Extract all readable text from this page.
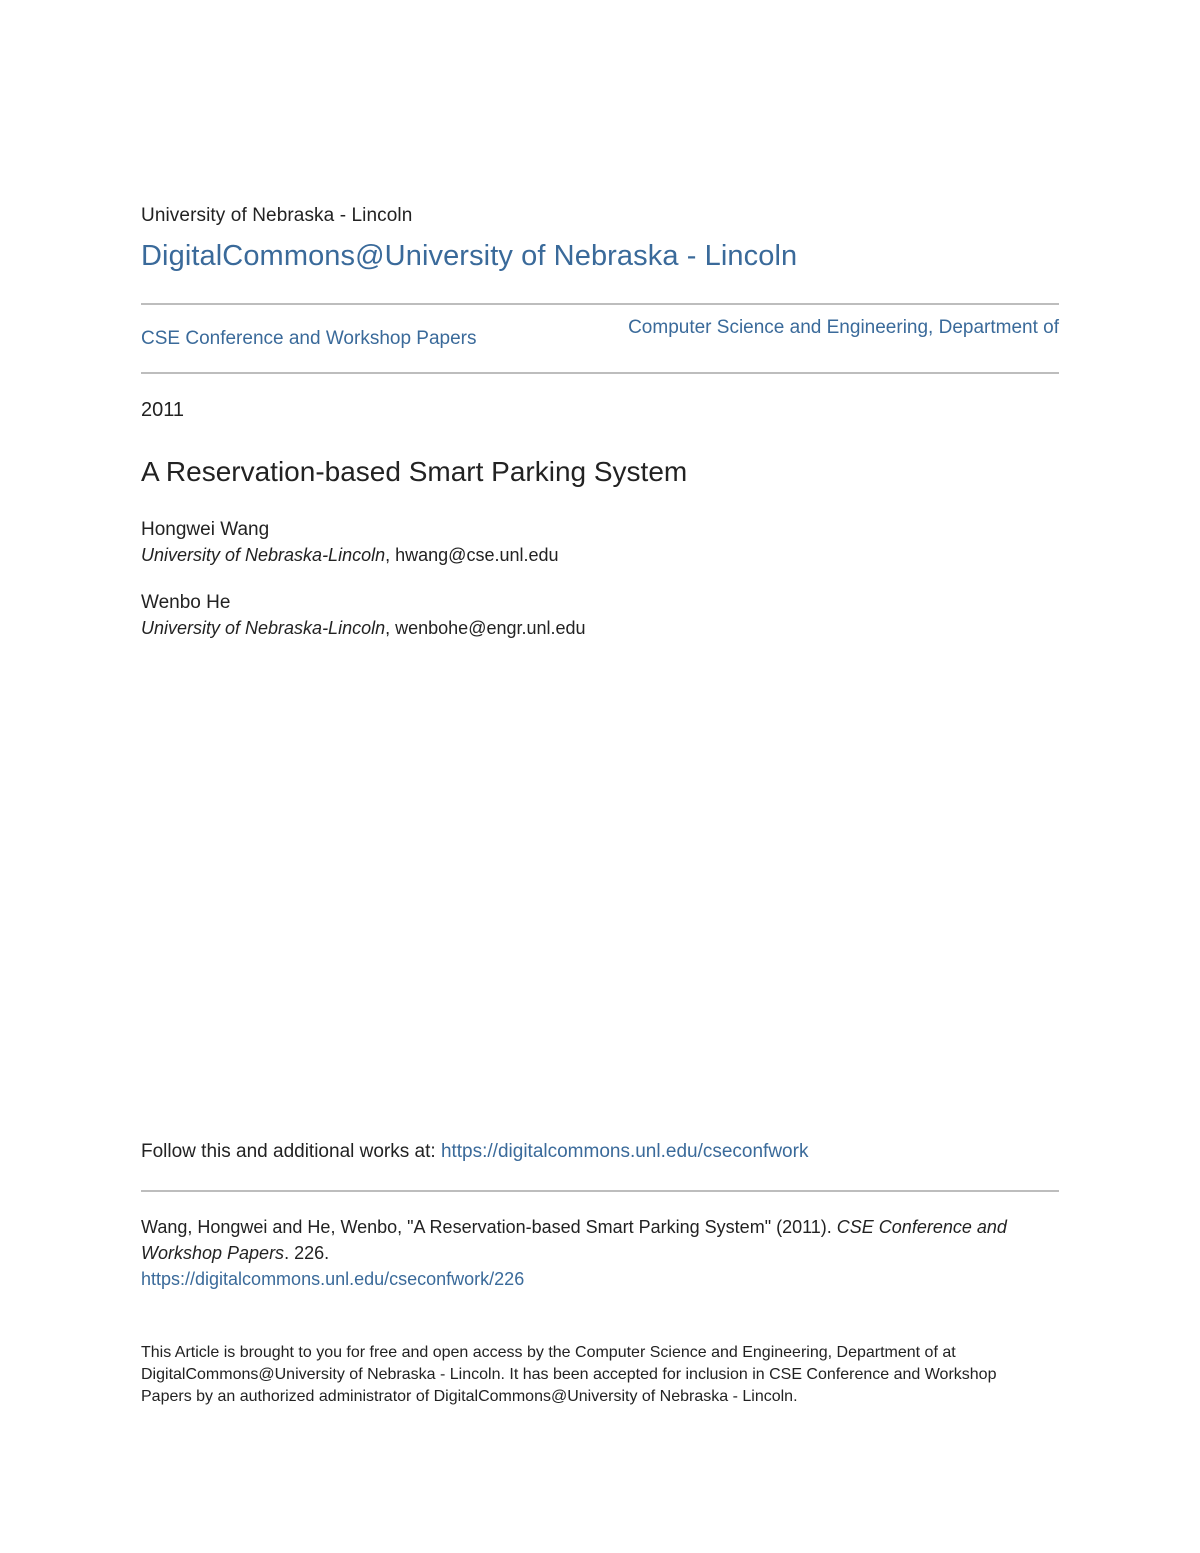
University of Nebraska - Lincoln
DigitalCommons@University of Nebraska - Lincoln
CSE Conference and Workshop Papers
Computer Science and Engineering, Department of
2011
A Reservation-based Smart Parking System
Hongwei Wang
University of Nebraska-Lincoln, hwang@cse.unl.edu
Wenbo He
University of Nebraska-Lincoln, wenbohe@engr.unl.edu
Follow this and additional works at: https://digitalcommons.unl.edu/cseconfwork
Wang, Hongwei and He, Wenbo, "A Reservation-based Smart Parking System" (2011). CSE Conference and Workshop Papers. 226.
https://digitalcommons.unl.edu/cseconfwork/226
This Article is brought to you for free and open access by the Computer Science and Engineering, Department of at DigitalCommons@University of Nebraska - Lincoln. It has been accepted for inclusion in CSE Conference and Workshop Papers by an authorized administrator of DigitalCommons@University of Nebraska - Lincoln.
